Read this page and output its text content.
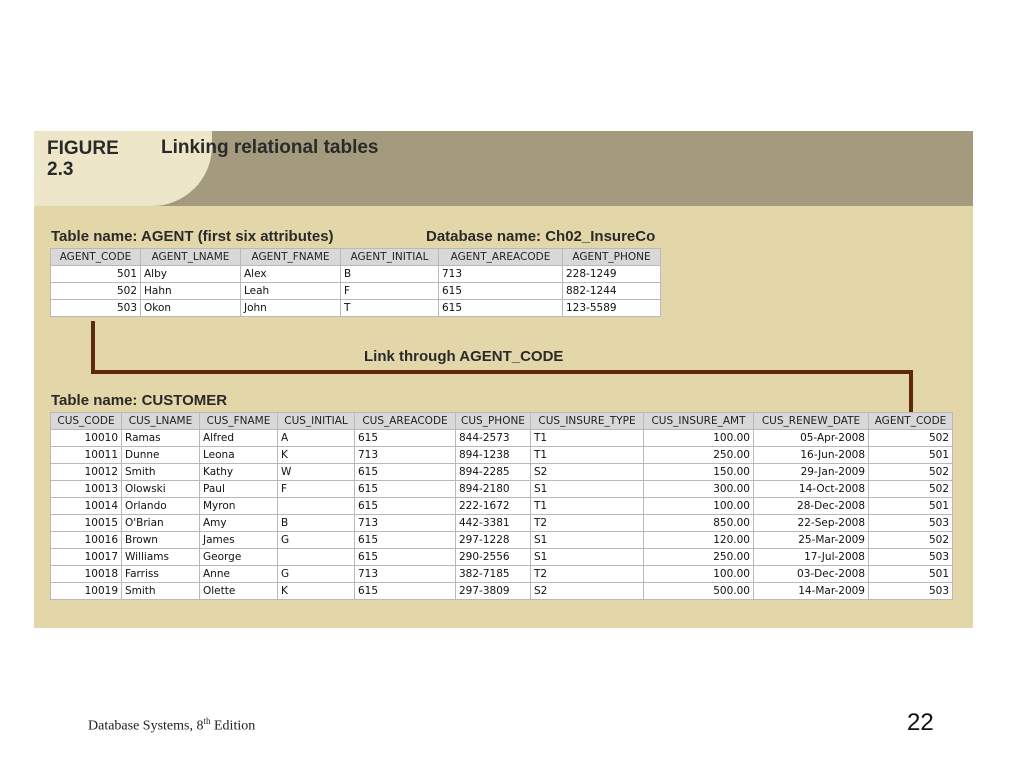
FIGURE
2.3
Linking relational tables
Table name: AGENT (first six attributes)	Database name: Ch02_InsureCo
AGENT_CODE	AGENT_LNAME	AGENT_FNAME	AGENT_INITIAL	AGENT_AREACODE	AGENT_PHONE
501	Alby	Alex	B	713	228-1249
502	Hahn	Leah	F	615	882-1244
503	Okon	John	T	615	123-5589
Link through AGENT_CODE
Table name: CUSTOMER
CUS_CODE	CUS_LNAME	CUS_FNAME	CUS_INITIAL	CUS_AREACODE	CUS_PHONE	CUS_INSURE_TYPE	CUS_INSURE_AMT	CUS_RENEW_DATE	AGENT_CODE
10010	Ramas	Alfred	A	615	844-2573	T1	100.00	05-Apr-2008	502
10011	Dunne	Leona	K	713	894-1238	T1	250.00	16-Jun-2008	501
10012	Smith	Kathy	W	615	894-2285	S2	150.00	29-Jan-2009	502
10013	Olowski	Paul	F	615	894-2180	S1	300.00	14-Oct-2008	502
10014	Orlando	Myron		615	222-1672	T1	100.00	28-Dec-2008	501
10015	O'Brian	Amy	B	713	442-3381	T2	850.00	22-Sep-2008	503
10016	Brown	James	G	615	297-1228	S1	120.00	25-Mar-2009	502
10017	Williams	George		615	290-2556	S1	250.00	17-Jul-2008	503
10018	Farriss	Anne	G	713	382-7185	T2	100.00	03-Dec-2008	501
10019	Smith	Olette	K	615	297-3809	S2	500.00	14-Mar-2009	503
Database Systems, 8th Edition	22
